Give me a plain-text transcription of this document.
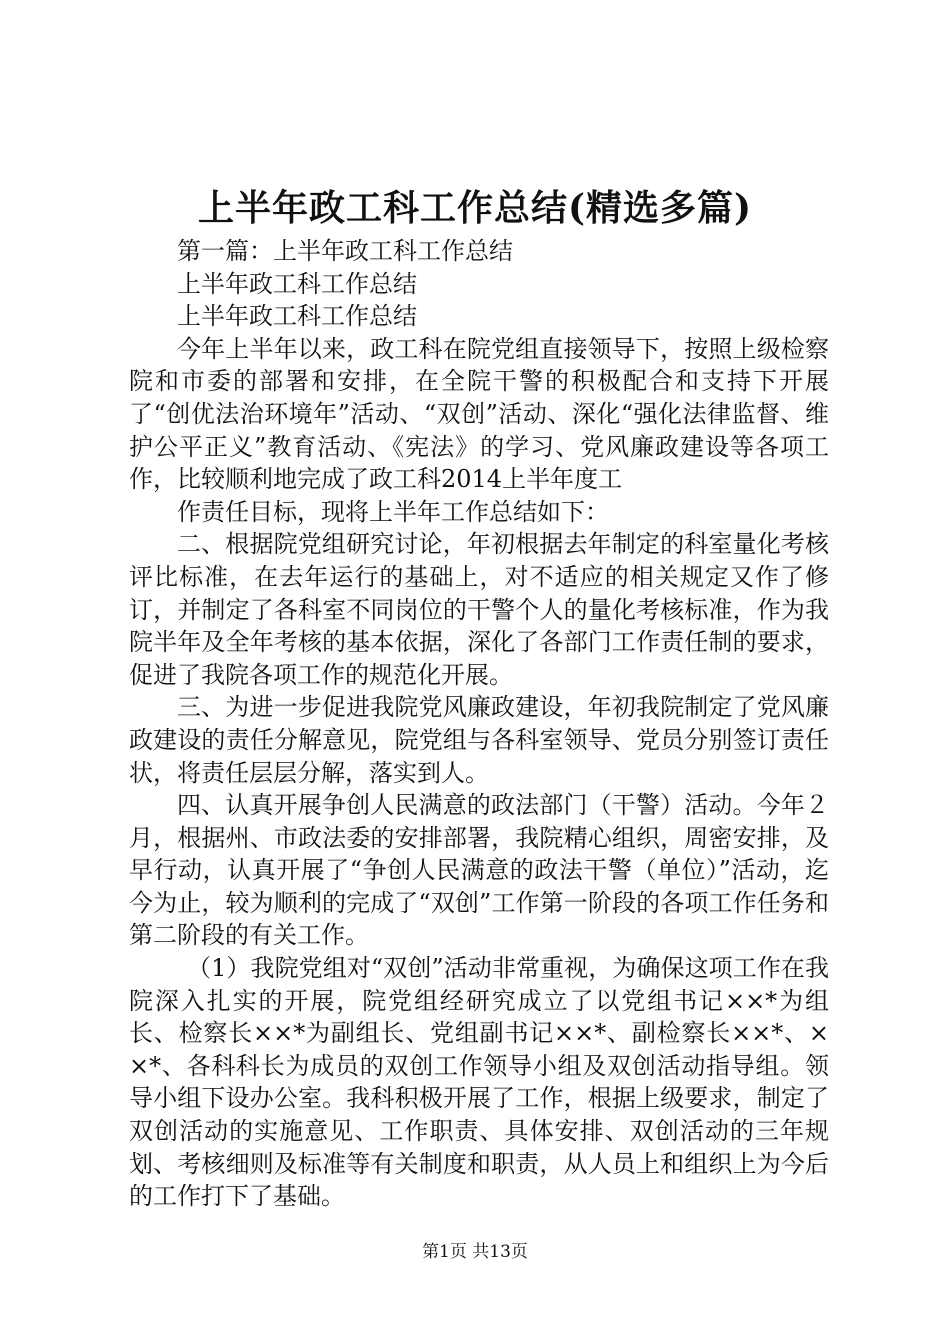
上半年政工科工作总结(精选多篇)

第一篇：上半年政工科工作总结

上半年政工科工作总结

上半年政工科工作总结

今年上半年以来，政工科在院党组直接领导下，按照上级检察院和市委的部署和安排，在全院干警的积极配合和支持下开展了“创优法治环境年”活动、“双创”活动、深化“强化法律监督、维护公平正义”教育活动、《宪法》的学习、党风廉政建设等各项工作，比较顺利地完成了政工科2014上半年度工

作责任目标，现将上半年工作总结如下：

二、根据院党组研究讨论，年初根据去年制定的科室量化考核评比标准，在去年运行的基础上，对不适应的相关规定又作了修订，并制定了各科室不同岗位的干警个人的量化考核标准，作为我院半年及全年考核的基本依据，深化了各部门工作责任制的要求，促进了我院各项工作的规范化开展。

三、为进一步促进我院党风廉政建设，年初我院制定了党风廉政建设的责任分解意见，院党组与各科室领导、党员分别签订责任状，将责任层层分解，落实到人。

四、认真开展争创人民满意的政法部门（干警）活动。今年２月，根据州、市政法委的安排部署，我院精心组织，周密安排，及早行动，认真开展了“争创人民满意的政法干警（单位）”活动，迄今为止，较为顺利的完成了“双创”工作第一阶段的各项工作任务和第二阶段的有关工作。

（1）我院党组对“双创”活动非常重视，为确保这项工作在我院深入扎实的开展，院党组经研究成立了以党组书记××*为组长、检察长××*为副组长、党组副书记××*、副检察长××*、××*、各科科长为成员的双创工作领导小组及双创活动指导组。领导小组下设办公室。我科积极开展了工作，根据上级要求，制定了双创活动的实施意见、工作职责、具体安排、双创活动的三年规划、考核细则及标准等有关制度和职责，从人员上和组织上为今后的工作打下了基础。

第1页 共13页
